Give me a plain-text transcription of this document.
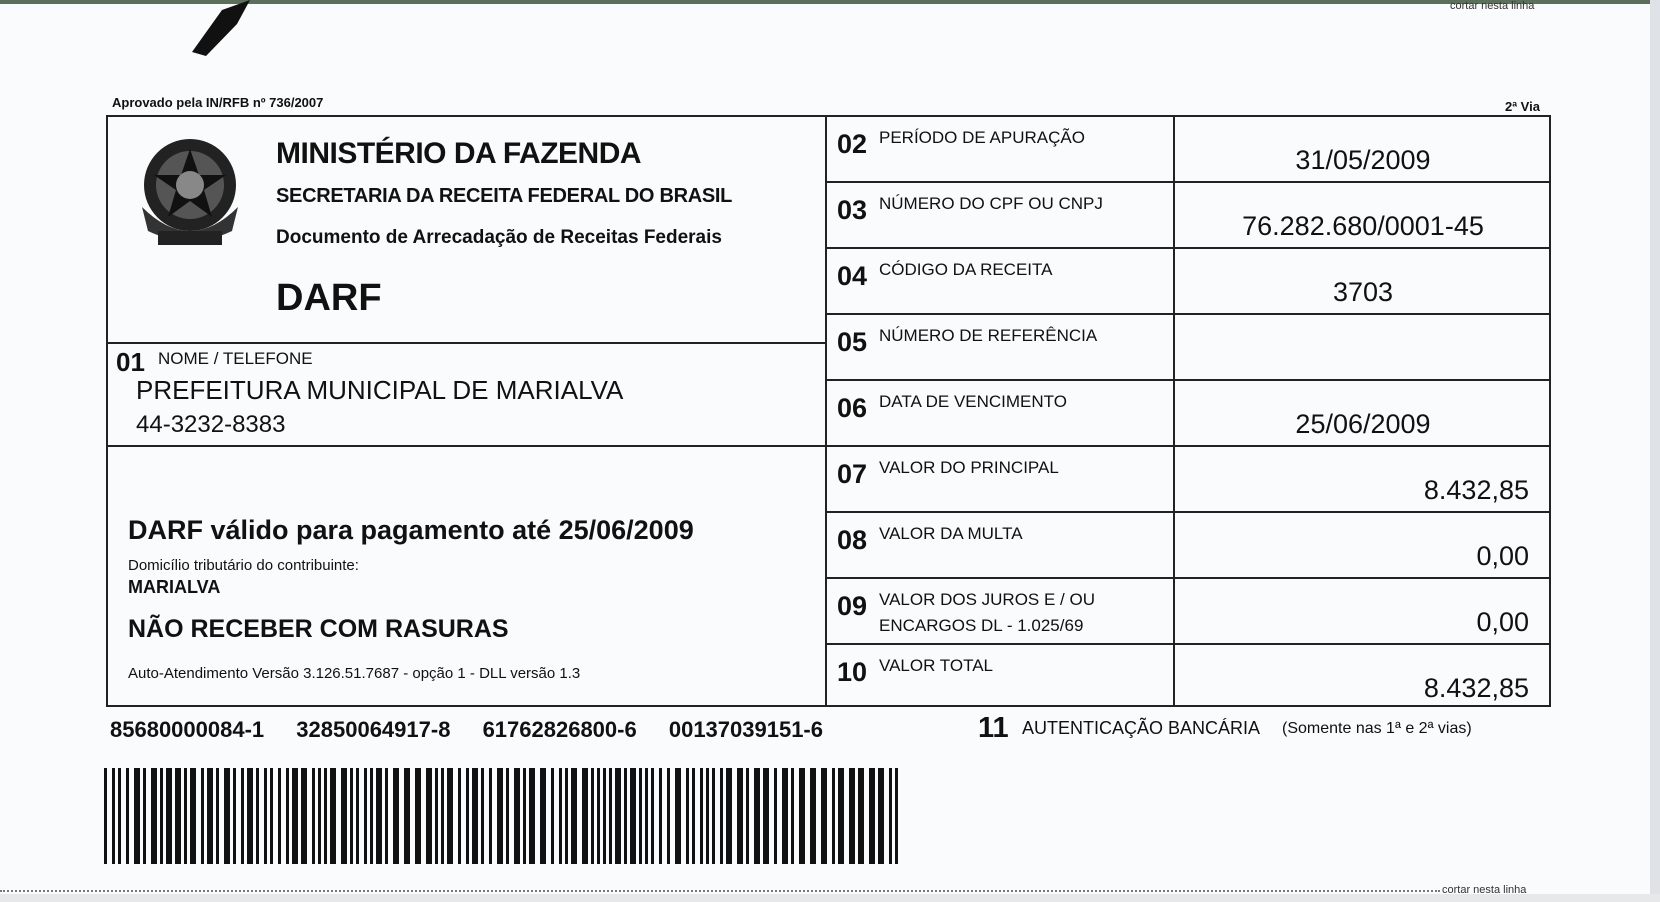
cortar nesta linha
cortar nesta linha
Aprovado pela IN/RFB nº 736/2007	2ª Via
MINISTÉRIO DA FAZENDA
SECRETARIA DA RECEITA FEDERAL DO BRASIL
Documento de Arrecadação de Receitas Federais
DARF
01 NOME / TELEFONE
PREFEITURA MUNICIPAL DE MARIALVA
44-3232-8383
DARF válido para pagamento até 25/06/2009
Domicílio tributário do contribuinte:
MARIALVA
NÃO RECEBER COM RASURAS
Auto-Atendimento Versão 3.126.51.7687 - opção 1 - DLL versão 1.3
02 PERÍODO DE APURAÇÃO
31/05/2009
03 NÚMERO DO CPF OU CNPJ
76.282.680/0001-45
04 CÓDIGO DA RECEITA
3703
05 NÚMERO DE REFERÊNCIA
06 DATA DE VENCIMENTO
25/06/2009
07 VALOR DO PRINCIPAL
8.432,85
08 VALOR DA MULTA
0,00
09 VALOR DOS JUROS E / OU ENCARGOS DL - 1.025/69	0,00
10 VALOR TOTAL
8.432,85
85680000084-1 32850064917-8 61762826800-6 00137039151-6	11 AUTENTICAÇÃO BANCÁRIA (Somente nas 1ª e 2ª vias)
